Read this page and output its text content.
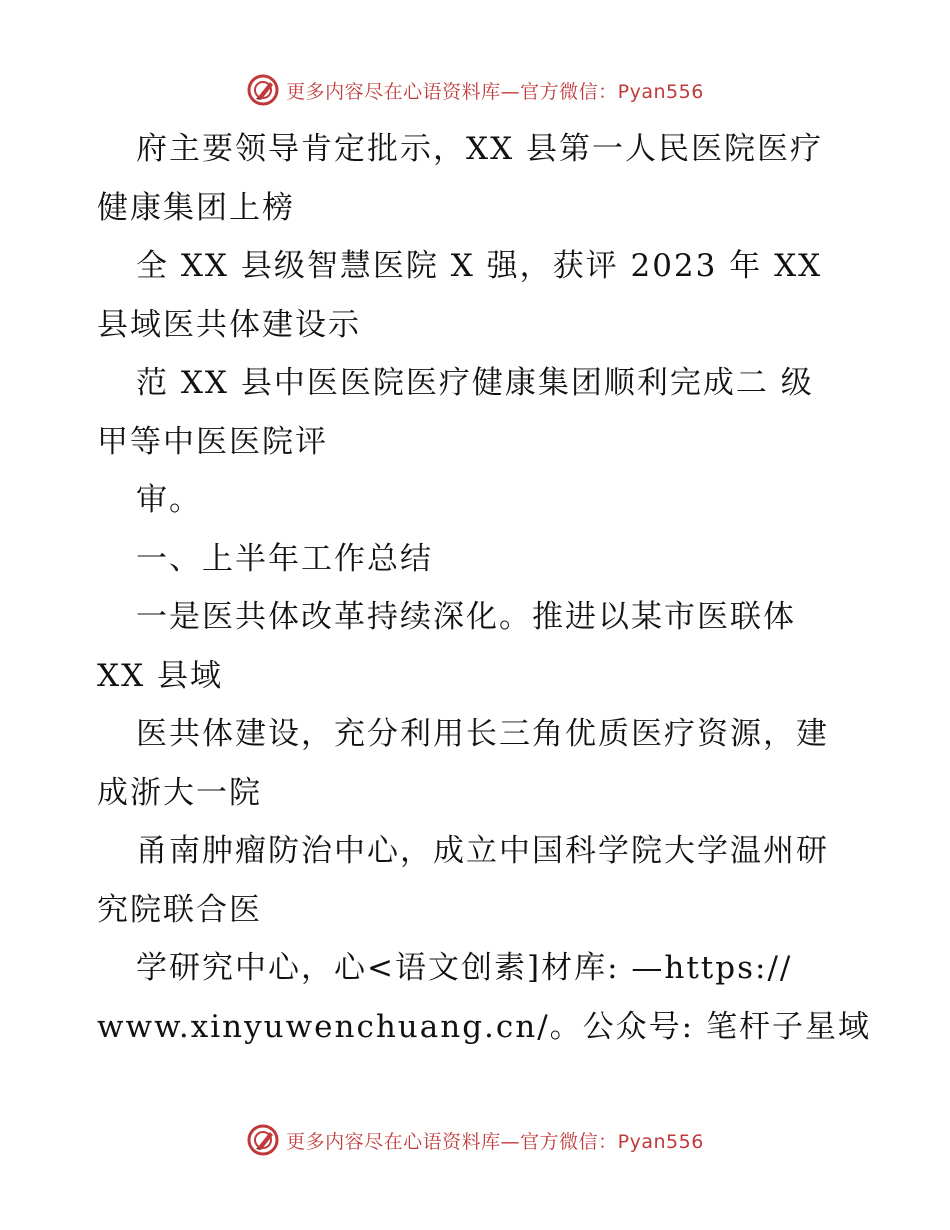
更多内容尽在心语资料库—官方微信：Pyan556
府主要领导肯定批示，XX 县第一人民医院医疗
健康集团上榜
全 XX 县级智慧医院 X 强，获评 2023 年 XX
县域医共体建设示
范 XX 县中医医院医疗健康集团顺利完成二 级
甲等中医医院评
审。
一、上半年工作总结
一是医共体改革持续深化。推进以某市医联体
XX 县域
医共体建设，充分利用长三角优质医疗资源，建
成浙大一院
甬南肿瘤防治中心，成立中国科学院大学温州研
究院联合医
学研究中心，心<语文创素]材库: —https://
www.xinyuwenchuang.cn/。公众号: 笔杆子星域
更多内容尽在心语资料库—官方微信：Pyan556
